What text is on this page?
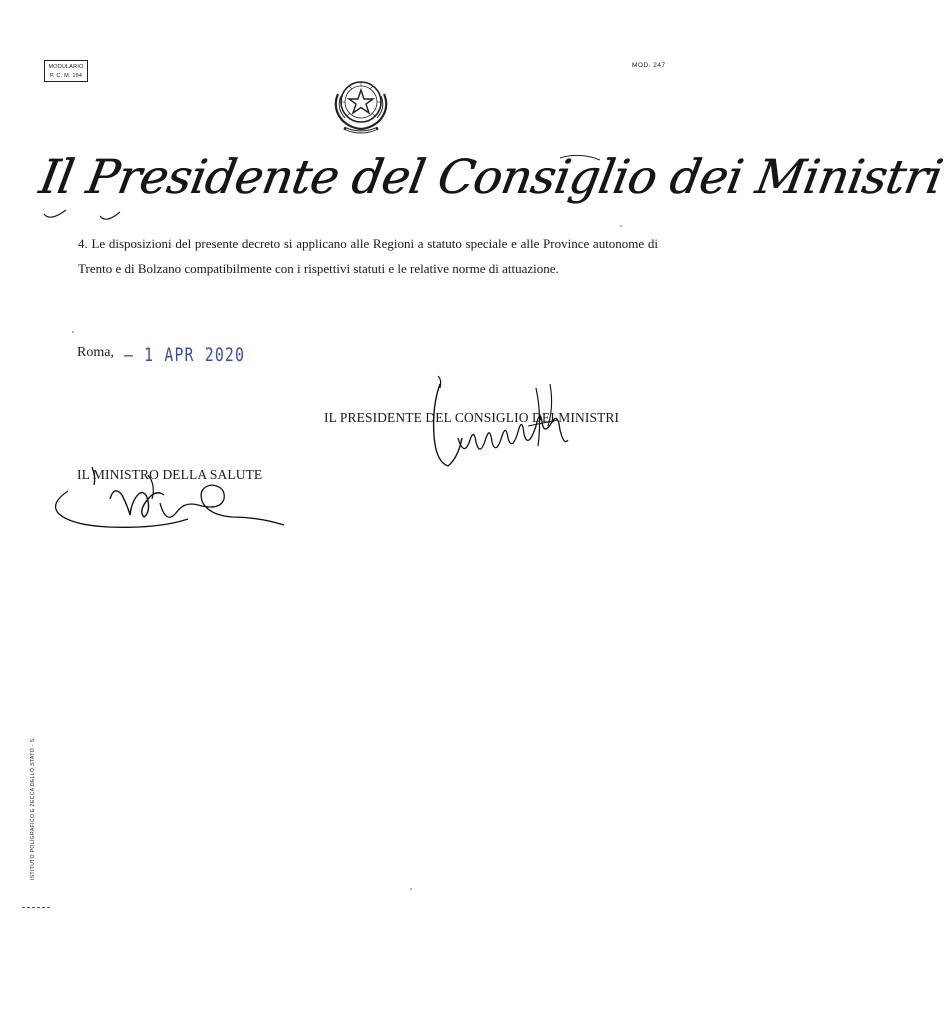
MODULARIO
P. C. M. 194
MOD. 247
Il Presidente del Consiglio dei Ministri
4. Le disposizioni del presente decreto si applicano alle Regioni a statuto speciale e alle Province autonome di Trento e di Bolzano compatibilmente con i rispettivi statuti e le relative norme di attuazione.
Roma, – 1 APR 2020
IL PRESIDENTE DEL CONSIGLIO DEI MINISTRI
IL MINISTRO DELLA SALUTE
ISTITUTO POLIGRAFICO E ZECCA DELLO STATO - S.
